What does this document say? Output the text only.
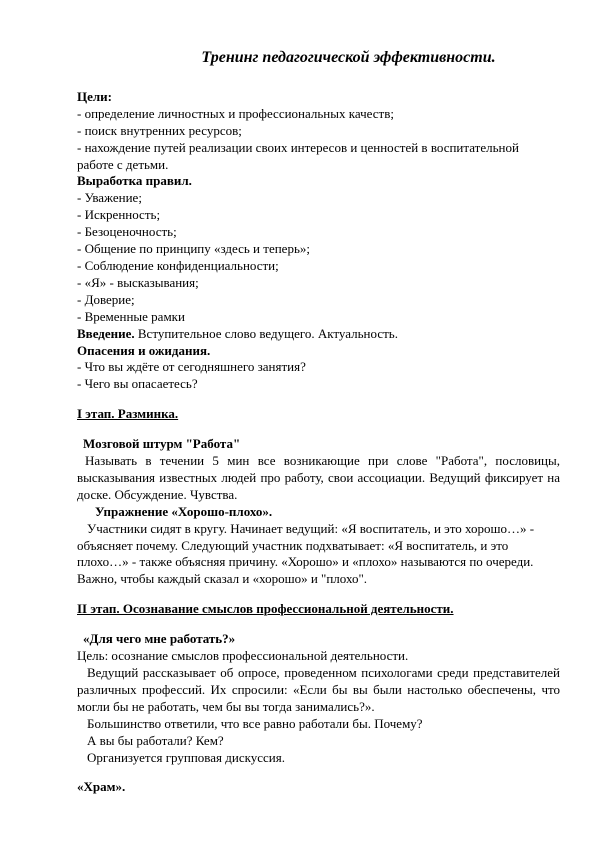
Тренинг педагогической эффективности.

Цели:

- определение личностных и профессиональных качеств;

- поиск внутренних ресурсов;

- нахождение путей реализации своих интересов и ценностей в воспитательной

работе с детьми.

Выработка правил.

- Уважение;

- Искренность;

- Безоценочность;

- Общение по принципу «здесь и теперь»;

- Соблюдение конфиденциальности;

- «Я» - высказывания;

- Доверие;

- Временные рамки

Введение. Вступительное слово ведущего. Актуальность.

Опасения и ожидания.

- Что вы ждёте от сегодняшнего занятия?

- Чего вы опасаетесь?

I этап. Разминка.

Мозговой штурм "Работа"

Называть в течении 5 мин все возникающие при слове "Работа", пословицы, высказывания известных людей про работу, свои ассоциации. Ведущий фиксирует на доске. Обсуждение. Чувства.

Упражнение «Хорошо-плохо».

Участники сидят в кругу. Начинает ведущий: «Я воспитатель, и это хорошо…» -

объясняет почему. Следующий участник подхватывает: «Я воспитатель, и это

плохо…» - также объясняя причину. «Хорошо» и «плохо» называются по очереди.

Важно, чтобы каждый сказал и «хорошо» и "плохо".

II этап. Осознавание смыслов профессиональной деятельности.

«Для чего мне работать?»

Цель: осознание смыслов профессиональной деятельности.

Ведущий рассказывает об опросе, проведенном психологами среди представителей различных профессий. Их спросили: «Если бы вы были настолько обеспечены, что могли бы не работать, чем бы вы тогда занимались?».

Большинство ответили, что все равно работали бы. Почему?

А вы бы работали? Кем?

Организуется групповая дискуссия.

«Храм».
